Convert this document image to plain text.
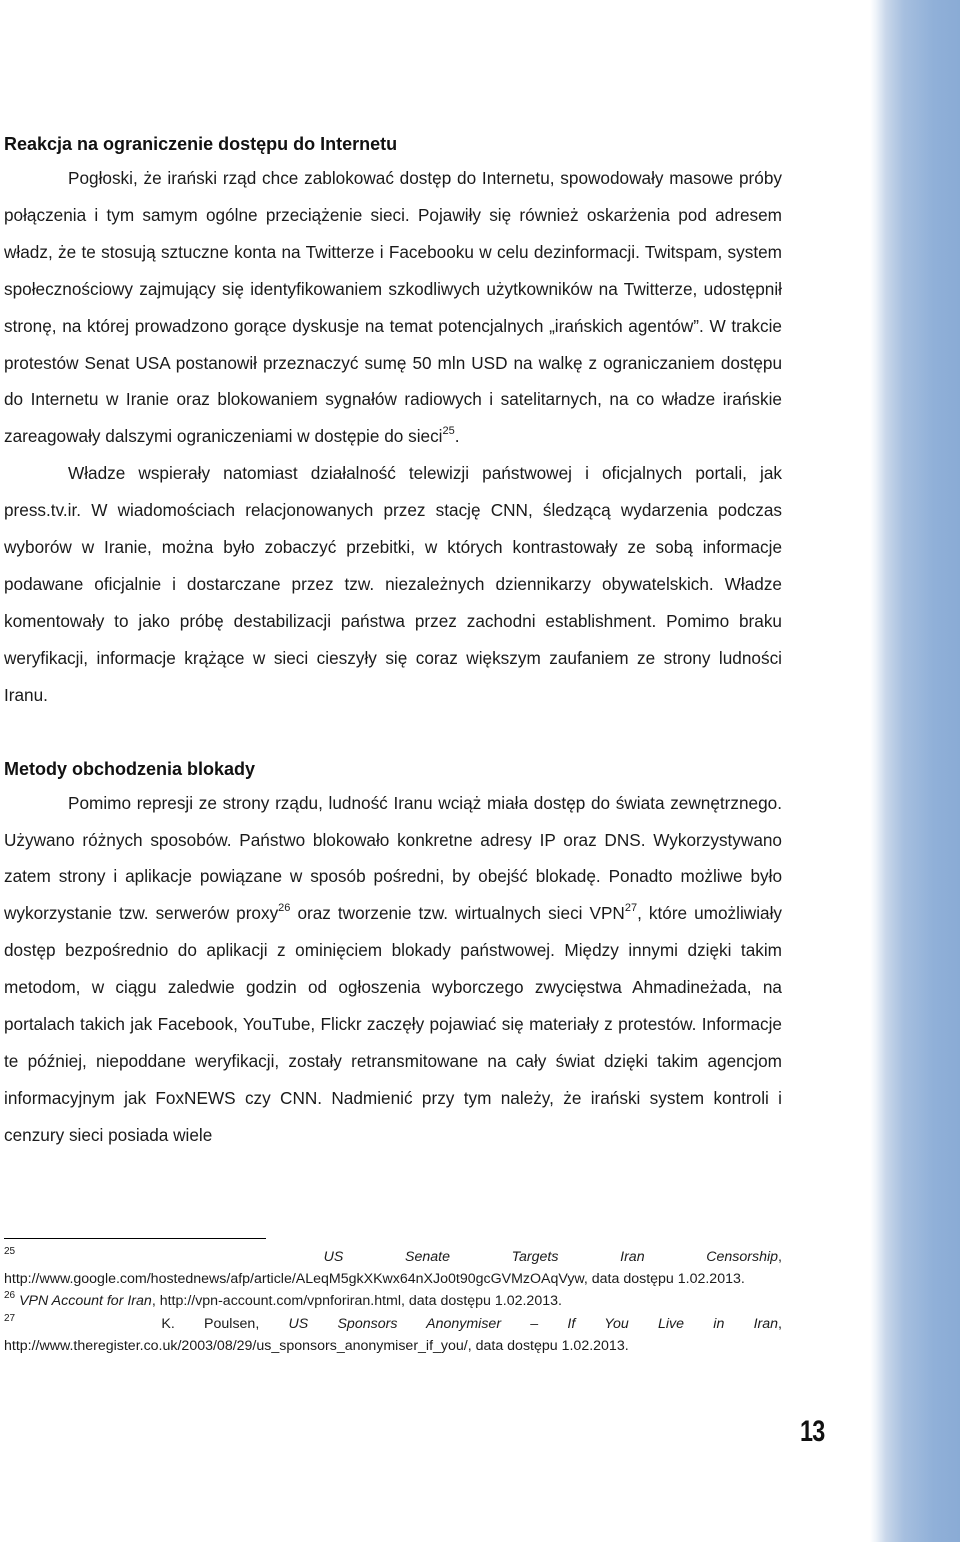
Reakcja na ograniczenie dostępu do Internetu

Pogłoski, że irański rząd chce zablokować dostęp do Internetu, spowodowały masowe próby połączenia i tym samym ogólne przeciążenie sieci. Pojawiły się również oskarżenia pod adresem władz, że te stosują sztuczne konta na Twitterze i Facebooku w celu dezinformacji. Twitspam, system społecznościowy zajmujący się identyfikowaniem szkodliwych użytkowników na Twitterze, udostępnił stronę, na której prowadzono gorące dyskusje na temat potencjalnych „irańskich agentów”. W trakcie protestów Senat USA postanowił przeznaczyć sumę 50 mln USD na walkę z ograniczaniem dostępu do Internetu w Iranie oraz blokowaniem sygnałów radiowych i satelitarnych, na co władze irańskie zareagowały dalszymi ograniczeniami w dostępie do sieci$^{25}$.

Władze wspierały natomiast działalność telewizji państwowej i oficjalnych portali, jak press.tv.ir. W wiadomościach relacjonowanych przez stację CNN, śledzącą wydarzenia podczas wyborów w Iranie, można było zobaczyć przebitki, w których kontrastowały ze sobą informacje podawane oficjalnie i dostarczane przez tzw. niezależnych dziennikarzy obywatelskich. Władze komentowały to jako próbę destabilizacji państwa przez zachodni establishment. Pomimo braku weryfikacji, informacje krążące w sieci cieszyły się coraz większym zaufaniem ze strony ludności Iranu.

Metody obchodzenia blokady

Pomimo represji ze strony rządu, ludność Iranu wciąż miała dostęp do świata zewnętrznego. Używano różnych sposobów. Państwo blokowało konkretne adresy IP oraz DNS. Wykorzystywano zatem strony i aplikacje powiązane w sposób pośredni, by obejść blokadę. Ponadto możliwe było wykorzystanie tzw. serwerów proxy$^{26}$ oraz tworzenie tzw. wirtualnych sieci VPN$^{27}$, które umożliwiały dostęp bezpośrednio do aplikacji z ominięciem blokady państwowej. Między innymi dzięki takim metodom, w ciągu zaledwie godzin od ogłoszenia wyborczego zwycięstwa Ahmadineżada, na portalach takich jak Facebook, YouTube, Flickr zaczęły pojawiać się materiały z protestów. Informacje te później, niepoddane weryfikacji, zostały retransmitowane na cały świat dzięki takim agencjom informacyjnym jak FoxNEWS czy CNN. Nadmienić przy tym należy, że irański system kontroli i cenzury sieci posiada wiele

$^{25}$	US Senate Targets Iran Censorship, http://www.google.com/hostednews/afp/article/ALeqM5gkXKwx64nXJo0t90gcGVMzOAqVyw, data dostępu 1.02.2013.

$^{26}$ VPN Account for Iran, http://vpn-account.com/vpnforiran.html, data dostępu 1.02.2013.

$^{27}$	K. Poulsen, US Sponsors Anonymiser – If You Live in Iran, http://www.theregister.co.uk/2003/08/29/us_sponsors_anonymiser_if_you/, data dostępu 1.02.2013.

13
